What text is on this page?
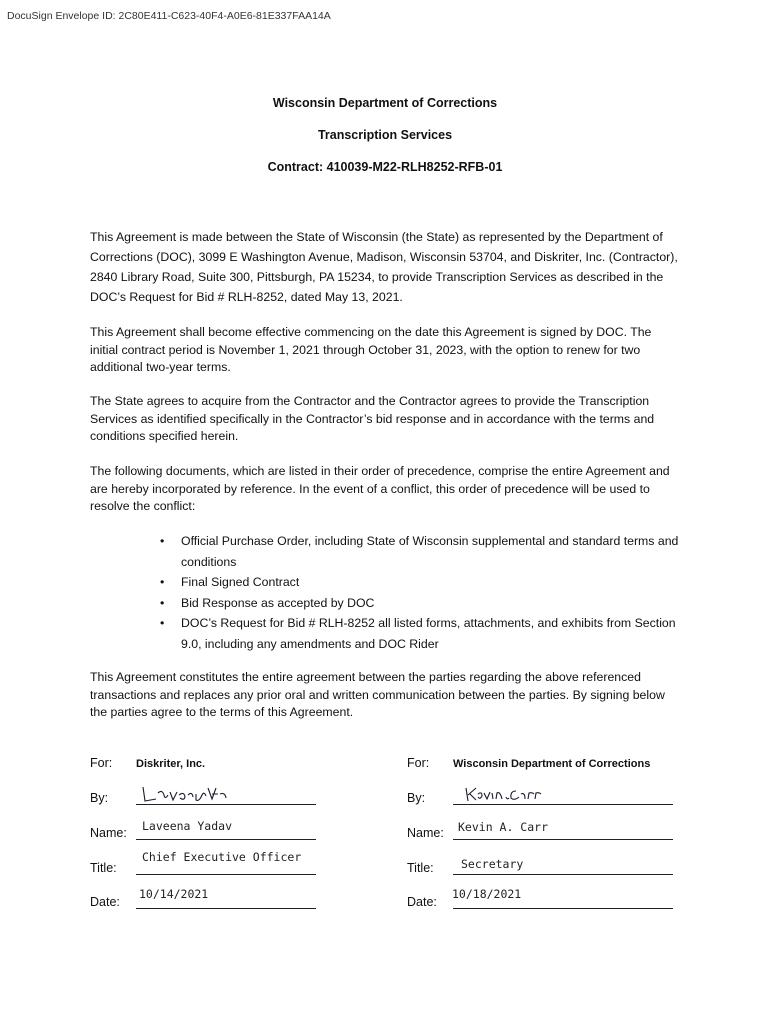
DocuSign Envelope ID: 2C80E411-C623-40F4-A0E6-81E337FAA14A
Wisconsin Department of Corrections
Transcription Services
Contract: 410039-M22-RLH8252-RFB-01
This Agreement is made between the State of Wisconsin (the State) as represented by the Department of Corrections (DOC), 3099 E Washington Avenue, Madison, Wisconsin 53704, and Diskriter, Inc. (Contractor), 2840 Library Road, Suite 300, Pittsburgh, PA 15234, to provide Transcription Services as described in the DOC’s Request for Bid # RLH-8252, dated May 13, 2021.
This Agreement shall become effective commencing on the date this Agreement is signed by DOC. The initial contract period is November 1, 2021 through October 31, 2023, with the option to renew for two additional two-year terms.
The State agrees to acquire from the Contractor and the Contractor agrees to provide the Transcription Services as identified specifically in the Contractor’s bid response and in accordance with the terms and conditions specified herein.
The following documents, which are listed in their order of precedence, comprise the entire Agreement and are hereby incorporated by reference. In the event of a conflict, this order of precedence will be used to resolve the conflict:
• Official Purchase Order, including State of Wisconsin supplemental and standard terms and conditions
• Final Signed Contract
• Bid Response as accepted by DOC
• DOC’s Request for Bid # RLH-8252 all listed forms, attachments, and exhibits from Section 9.0, including any amendments and DOC Rider
This Agreement constitutes the entire agreement between the parties regarding the above referenced transactions and replaces any prior oral and written communication between the parties. By signing below the parties agree to the terms of this Agreement.
For: Diskriter, Inc.
By:
Name: Laveena Yadav
Title:
Chief Executive Officer
Date:
10/14/2021
For: Wisconsin Department of Corrections
By:
Name: Kevin A. Carr
Title: Secretary
Date:
10/18/2021
